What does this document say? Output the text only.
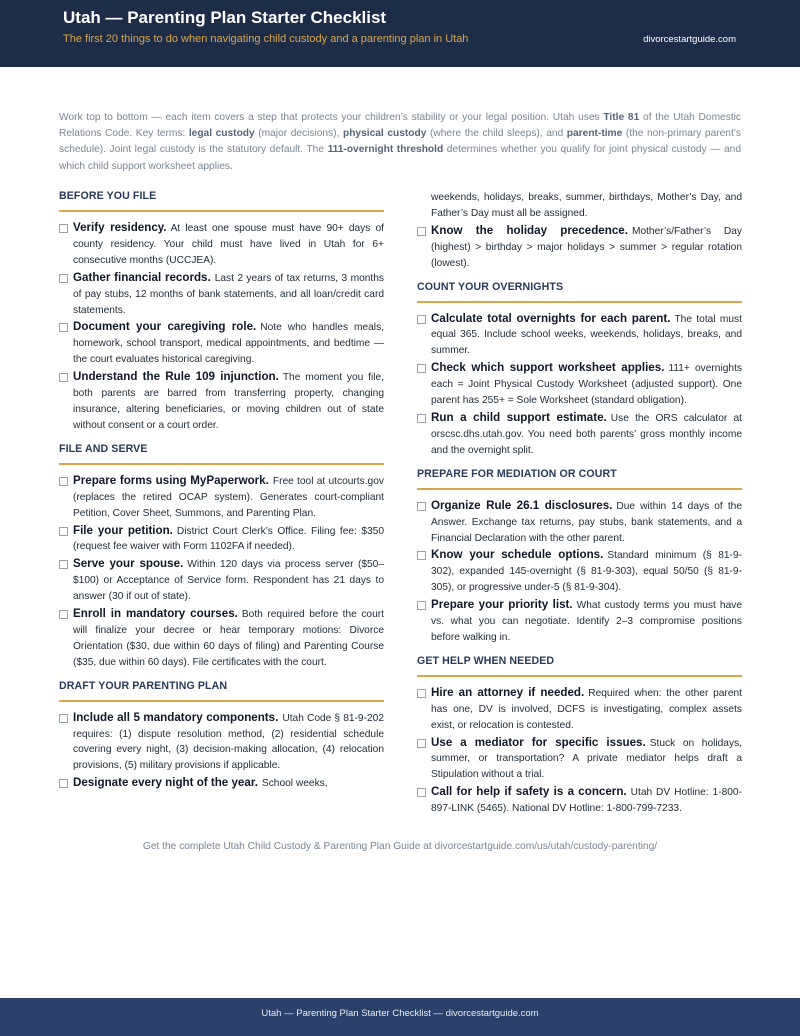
Utah — Parenting Plan Starter Checklist
The first 20 things to do when navigating child custody and a parenting plan in Utah	divorcestartguide.com
Work top to bottom — each item covers a step that protects your children’s stability or your legal position. Utah uses Title 81 of the Utah Domestic Relations Code. Key terms: legal custody (major decisions), physical custody (where the child sleeps), and parent-time (the non-primary parent’s schedule). Joint legal custody is the statutory default. The 111-overnight threshold determines whether you qualify for joint physical custody — and which child support worksheet applies.
BEFORE YOU FILE
Verify residency. At least one spouse must have 90+ days of county residency. Your child must have lived in Utah for 6+ consecutive months (UCCJEA).
Gather financial records. Last 2 years of tax returns, 3 months of pay stubs, 12 months of bank statements, and all loan/credit card statements.
Document your caregiving role. Note who handles meals, homework, school transport, medical appointments, and bedtime — the court evaluates historical caregiving.
Understand the Rule 109 injunction. The moment you file, both parents are barred from transferring property, changing insurance, altering beneficiaries, or moving children out of state without consent or a court order.
FILE AND SERVE
Prepare forms using MyPaperwork. Free tool at utcourts.gov (replaces the retired OCAP system). Generates court-compliant Petition, Cover Sheet, Summons, and Parenting Plan.
File your petition. District Court Clerk’s Office. Filing fee: $350 (request fee waiver with Form 1102FA if needed).
Serve your spouse. Within 120 days via process server ($50–$100) or Acceptance of Service form. Respondent has 21 days to answer (30 if out of state).
Enroll in mandatory courses. Both required before the court will finalize your decree or hear temporary motions: Divorce Orientation ($30, due within 60 days of filing) and Parenting Course ($35, due within 60 days). File certificates with the court.
DRAFT YOUR PARENTING PLAN
Include all 5 mandatory components. Utah Code § 81-9-202 requires: (1) dispute resolution method, (2) residential schedule covering every night, (3) decision-making allocation, (4) relocation provisions, (5) military provisions if applicable.
Designate every night of the year. School weeks,
weekends, holidays, breaks, summer, birthdays, Mother’s Day, and Father’s Day must all be assigned.
Know the holiday precedence. Mother’s/Father’s Day (highest) > birthday > major holidays > summer > regular rotation (lowest).
COUNT YOUR OVERNIGHTS
Calculate total overnights for each parent. The total must equal 365. Include school weeks, weekends, holidays, breaks, and summer.
Check which support worksheet applies. 111+ overnights each = Joint Physical Custody Worksheet (adjusted support). One parent has 255+ = Sole Worksheet (standard obligation).
Run a child support estimate. Use the ORS calculator at orscsc.dhs.utah.gov. You need both parents’ gross monthly income and the overnight split.
PREPARE FOR MEDIATION OR COURT
Organize Rule 26.1 disclosures. Due within 14 days of the Answer. Exchange tax returns, pay stubs, bank statements, and a Financial Declaration with the other parent.
Know your schedule options. Standard minimum (§ 81-9-302), expanded 145-overnight (§ 81-9-303), equal 50/50 (§ 81-9-305), or progressive under-5 (§ 81-9-304).
Prepare your priority list. What custody terms you must have vs. what you can negotiate. Identify 2–3 compromise positions before walking in.
GET HELP WHEN NEEDED
Hire an attorney if needed. Required when: the other parent has one, DV is involved, DCFS is investigating, complex assets exist, or relocation is contested.
Use a mediator for specific issues. Stuck on holidays, summer, or transportation? A private mediator helps draft a Stipulation without a trial.
Call for help if safety is a concern. Utah DV Hotline: 1-800-897-LINK (5465). National DV Hotline: 1-800-799-7233.
Get the complete Utah Child Custody & Parenting Plan Guide at divorcestartguide.com/us/utah/custody-parenting/
Utah — Parenting Plan Starter Checklist — divorcestartguide.com
